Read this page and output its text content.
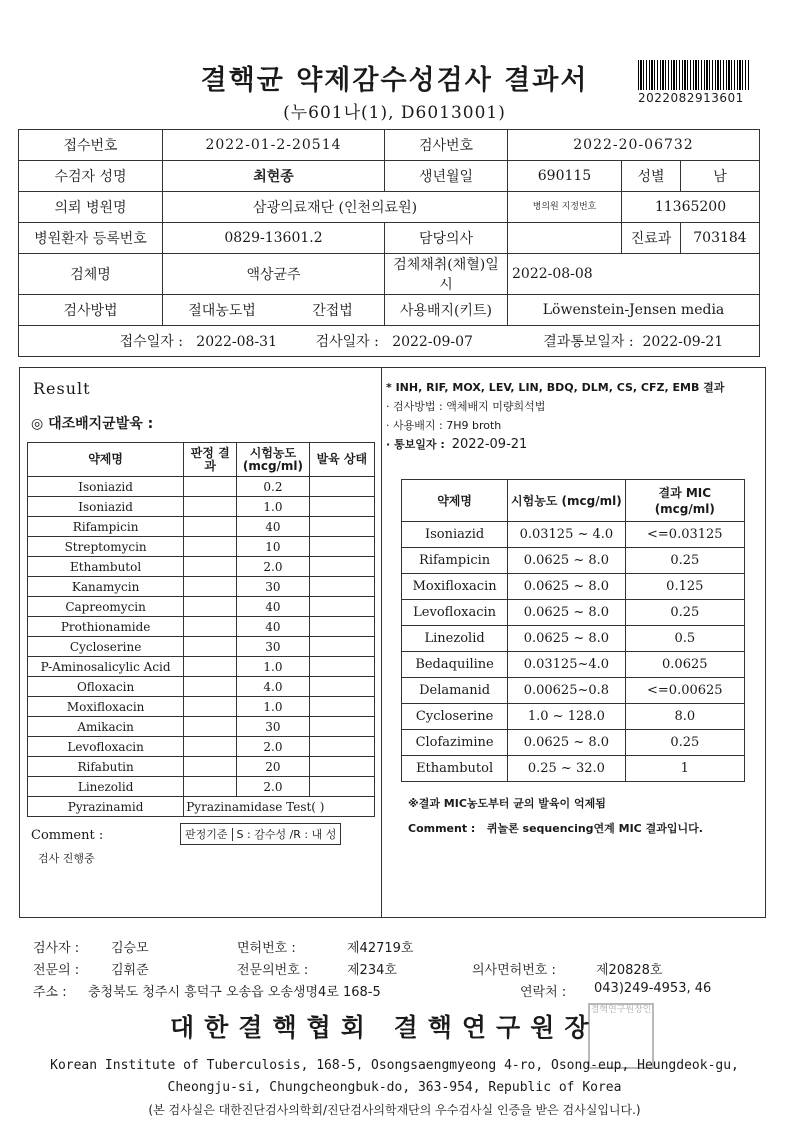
결핵균 약제감수성검사 결과서
(누601나(1), D6013001)
2022082913601
접수번호	2022-01-2-20514		검사번호	2022-20-06732		
수검자 성명	최현종		생년월일	690115	성별	남
의뢰 병원명	삼광의료재단 (인천의료원)			병의원 지정번호	11365200	
병원환자 등록번호	0829-13601.2		담당의사		진료과	703184
검체명	액상균주		검체채취(채혈)일시	2022-08-08		
검사방법	절대농도법	간접법	사용배지(키트)	Löwenstein-Jensen media		
접수일자 : 2022-08-31		검사일자 : 2022-09-07		결과통보일자 : 2022-09-21		
Result
◎ 대조배지균발육 :
약제명	판정 결과	시험농도 (mcg/ml)	발육 상태
Isoniazid		0.2	
Isoniazid		1.0	
Rifampicin		40	
Streptomycin		10	
Ethambutol		2.0	
Kanamycin		30	
Capreomycin		40	
Prothionamide		40	
Cycloserine		30	
P-Aminosalicylic Acid		1.0	
Ofloxacin		4.0	
Moxifloxacin		1.0	
Amikacin		30	
Levofloxacin		2.0	
Rifabutin		20	
Linezolid		2.0	
Pyrazinamid	Pyrazinamidase Test( )		
Comment :
검사 진행중
판정기준 S : 감수성 /R : 내 성
* INH, RIF, MOX, LEV, LIN, BDQ, DLM, CS, CFZ, EMB 결과
· 검사방법 : 액체배지 미량희석법
· 사용배지 : 7H9 broth
· 통보일자 : 2022-09-21
약제명	시험농도 (mcg/ml)	결과 MIC (mcg/ml)
Isoniazid	0.03125 ~ 4.0	<=0.03125
Rifampicin	0.0625 ~ 8.0	0.25
Moxifloxacin	0.0625 ~ 8.0	0.125
Levofloxacin	0.0625 ~ 8.0	0.25
Linezolid	0.0625 ~ 8.0	0.5
Bedaquiline	0.03125~4.0	0.0625
Delamanid	0.00625~0.8	<=0.00625
Cycloserine	1.0 ~ 128.0	8.0
Clofazimine	0.0625 ~ 8.0	0.25
Ethambutol	0.25 ~ 32.0	1
※결과 MIC농도부터 균의 발육이 억제됨
Comment : 퀴놀론 sequencing연계 MIC 결과입니다.
검사자 : 김승모	면허번호 :	제42719호
전문의 : 김휘준	전문의번호 :	제234호	의사면허번호 :	제20828호
주소 : 충청북도 청주시 흥덕구 오송읍 오송생명4로 168-5	연락처 : 043)249-4953, 46
결핵연구원장인
대한결핵협회 결핵연구원장
Korean Institute of Tuberculosis, 168-5, Osongsaengmyeong 4-ro, Osong-eup, Heungdeok-gu,
Cheongju-si, Chungcheongbuk-do, 363-954, Republic of Korea
(본 검사실은 대한진단검사의학회/진단검사의학재단의 우수검사실 인증을 받은 검사실입니다.)
